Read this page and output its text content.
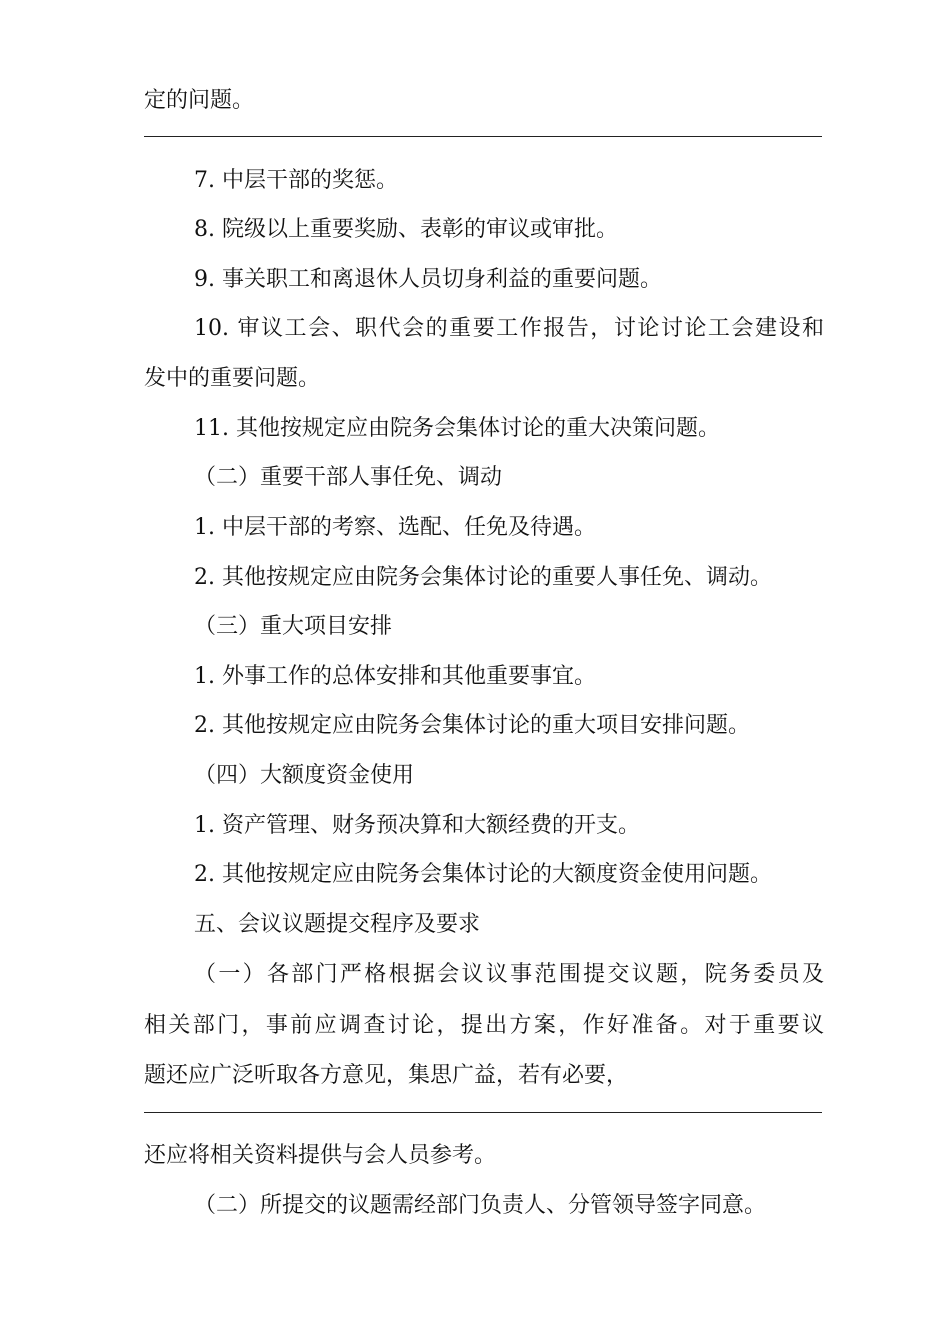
定的问题。
7. 中层干部的奖惩。
8. 院级以上重要奖励、表彰的审议或审批。
9. 事关职工和离退休人员切身利益的重要问题。
10. 审议工会、职代会的重要工作报告，讨论讨论工会建设和
发中的重要问题。
11. 其他按规定应由院务会集体讨论的重大决策问题。
（二）重要干部人事任免、调动
1. 中层干部的考察、选配、任免及待遇。
2. 其他按规定应由院务会集体讨论的重要人事任免、调动。
（三）重大项目安排
1. 外事工作的总体安排和其他重要事宜。
2. 其他按规定应由院务会集体讨论的重大项目安排问题。
（四）大额度资金使用
1. 资产管理、财务预决算和大额经费的开支。
2. 其他按规定应由院务会集体讨论的大额度资金使用问题。
五、会议议题提交程序及要求
（一）各部门严格根据会议议事范围提交议题，院务委员及
相关部门，事前应调查讨论，提出方案，作好准备。对于重要议
题还应广泛听取各方意见，集思广益，若有必要，
还应将相关资料提供与会人员参考。
（二）所提交的议题需经部门负责人、分管领导签字同意。
